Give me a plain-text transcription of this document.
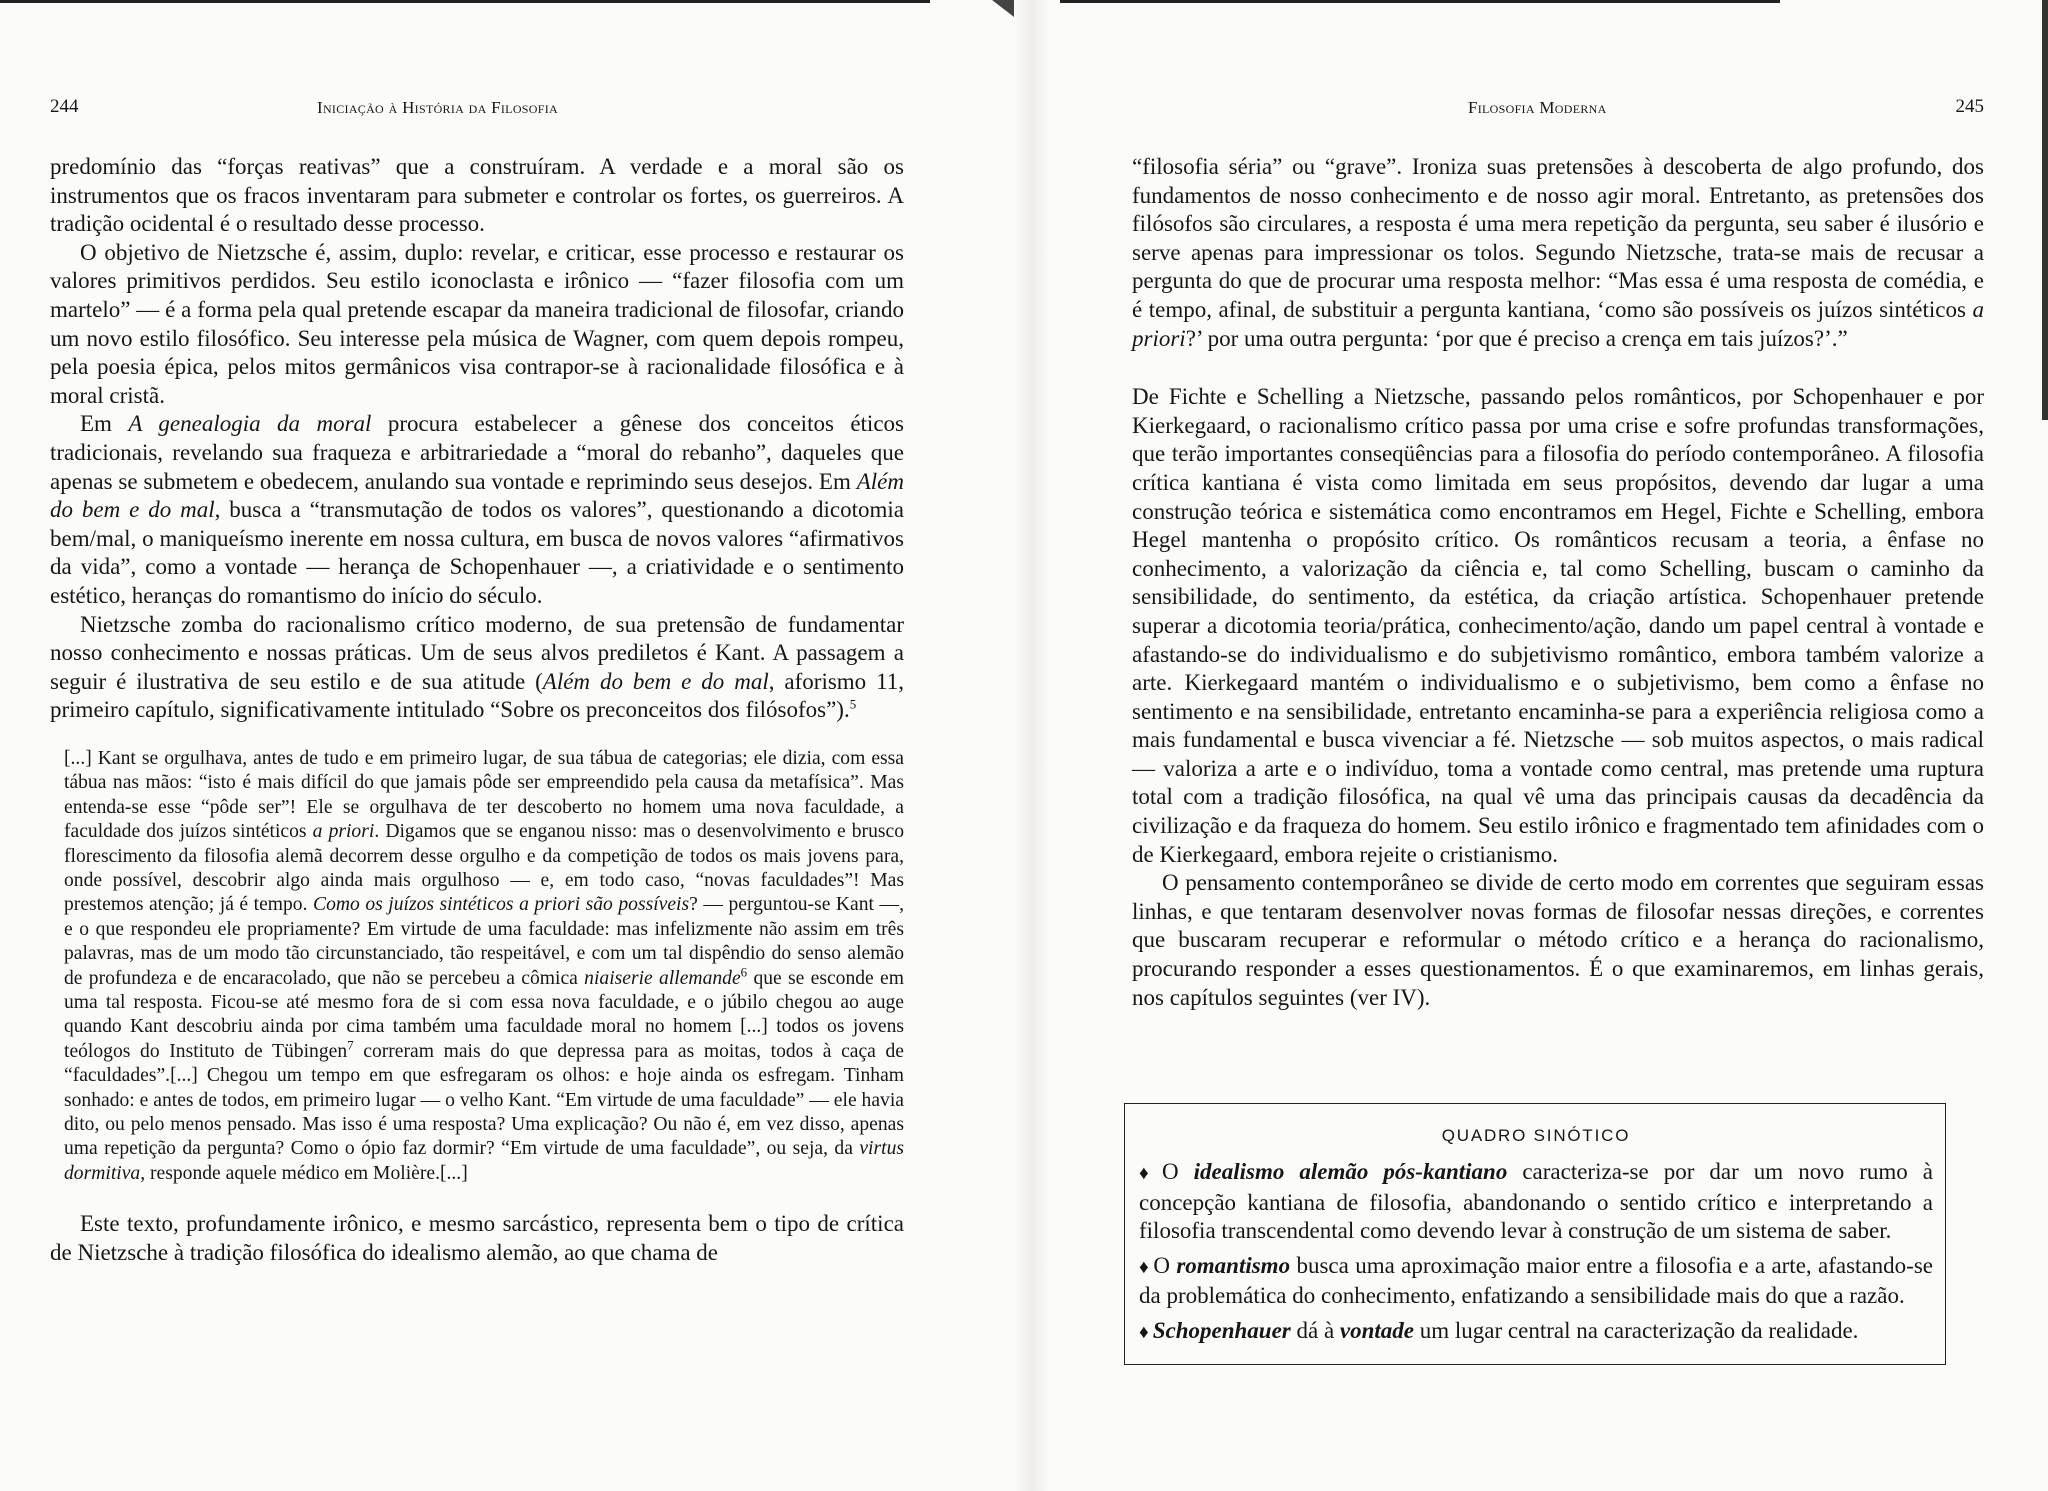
244	Iniciação à História da Filosofia

predomínio das “forças reativas” que a construíram. A verdade e a moral são os instrumentos que os fracos inventaram para submeter e controlar os fortes, os guerreiros. A tradição ocidental é o resultado desse processo.

O objetivo de Nietzsche é, assim, duplo: revelar, e criticar, esse processo e restaurar os valores primitivos perdidos. Seu estilo iconoclasta e irônico — “fazer filosofia com um martelo” — é a forma pela qual pretende escapar da maneira tradicional de filosofar, criando um novo estilo filosófico. Seu interesse pela música de Wagner, com quem depois rompeu, pela poesia épica, pelos mitos germânicos visa contrapor-se à racionalidade filosófica e à moral cristã.

Em A genealogia da moral procura estabelecer a gênese dos conceitos éticos tradicionais, revelando sua fraqueza e arbitrariedade a “moral do rebanho”, daqueles que apenas se submetem e obedecem, anulando sua vontade e reprimindo seus desejos. Em Além do bem e do mal, busca a “transmutação de todos os valores”, questionando a dicotomia bem/mal, o maniqueísmo inerente em nossa cultura, em busca de novos valores “afirmativos da vida”, como a vontade — herança de Schopenhauer —, a criatividade e o sentimento estético, heranças do romantismo do início do século.

Nietzsche zomba do racionalismo crítico moderno, de sua pretensão de fundamentar nosso conhecimento e nossas práticas. Um de seus alvos prediletos é Kant. A passagem a seguir é ilustrativa de seu estilo e de sua atitude (Além do bem e do mal, aforismo 11, primeiro capítulo, significativamente intitulado “Sobre os preconceitos dos filósofos”).$^5$

[...] Kant se orgulhava, antes de tudo e em primeiro lugar, de sua tábua de categorias; ele dizia, com essa tábua nas mãos: “isto é mais difícil do que jamais pôde ser empreendido pela causa da metafísica”. Mas entenda-se esse “pôde ser”! Ele se orgulhava de ter descoberto no homem uma nova faculdade, a faculdade dos juízos sintéticos a priori. Digamos que se enganou nisso: mas o desenvolvimento e brusco florescimento da filosofia alemã decorrem desse orgulho e da competição de todos os mais jovens para, onde possível, descobrir algo ainda mais orgulhoso — e, em todo caso, “novas faculdades”! Mas prestemos atenção; já é tempo. Como os juízos sintéticos a priori são possíveis? — perguntou-se Kant —, e o que respondeu ele propriamente? Em virtude de uma faculdade: mas infelizmente não assim em três palavras, mas de um modo tão circunstanciado, tão respeitável, e com um tal dispêndio do senso alemão de profundeza e de encaracolado, que não se percebeu a cômica niaiserie allemande$^6$ que se esconde em uma tal resposta. Ficou-se até mesmo fora de si com essa nova faculdade, e o júbilo chegou ao auge quando Kant descobriu ainda por cima também uma faculdade moral no homem [...] todos os jovens teólogos do Instituto de Tübingen$^7$ correram mais do que depressa para as moitas, todos à caça de “faculdades”.[...] Chegou um tempo em que esfregaram os olhos: e hoje ainda os esfregam. Tinham sonhado: e antes de todos, em primeiro lugar — o velho Kant. “Em virtude de uma faculdade” — ele havia dito, ou pelo menos pensado. Mas isso é uma resposta? Uma explicação? Ou não é, em vez disso, apenas uma repetição da pergunta? Como o ópio faz dormir? “Em virtude de uma faculdade”, ou seja, da virtus dormitiva, responde aquele médico em Molière.[...]

Este texto, profundamente irônico, e mesmo sarcástico, representa bem o tipo de crítica de Nietzsche à tradição filosófica do idealismo alemão, ao que chama de

Filosofia Moderna	245

“filosofia séria” ou “grave”. Ironiza suas pretensões à descoberta de algo profundo, dos fundamentos de nosso conhecimento e de nosso agir moral. Entretanto, as pretensões dos filósofos são circulares, a resposta é uma mera repetição da pergunta, seu saber é ilusório e serve apenas para impressionar os tolos. Segundo Nietzsche, trata-se mais de recusar a pergunta do que de procurar uma resposta melhor: “Mas essa é uma resposta de comédia, e é tempo, afinal, de substituir a pergunta kantiana, ‘como são possíveis os juízos sintéticos a priori?’ por uma outra pergunta: ‘por que é preciso a crença em tais juízos?’.”

De Fichte e Schelling a Nietzsche, passando pelos românticos, por Schopenhauer e por Kierkegaard, o racionalismo crítico passa por uma crise e sofre profundas transformações, que terão importantes conseqüências para a filosofia do período contemporâneo. A filosofia crítica kantiana é vista como limitada em seus propósitos, devendo dar lugar a uma construção teórica e sistemática como encontramos em Hegel, Fichte e Schelling, embora Hegel mantenha o propósito crítico. Os românticos recusam a teoria, a ênfase no conhecimento, a valorização da ciência e, tal como Schelling, buscam o caminho da sensibilidade, do sentimento, da estética, da criação artística. Schopenhauer pretende superar a dicotomia teoria/prática, conhecimento/ação, dando um papel central à vontade e afastando-se do individualismo e do subjetivismo romântico, embora também valorize a arte. Kierkegaard mantém o individualismo e o subjetivismo, bem como a ênfase no sentimento e na sensibilidade, entretanto encaminha-se para a experiência religiosa como a mais fundamental e busca vivenciar a fé. Nietzsche — sob muitos aspectos, o mais radical — valoriza a arte e o indivíduo, toma a vontade como central, mas pretende uma ruptura total com a tradição filosófica, na qual vê uma das principais causas da decadência da civilização e da fraqueza do homem. Seu estilo irônico e fragmentado tem afinidades com o de Kierkegaard, embora rejeite o cristianismo.

O pensamento contemporâneo se divide de certo modo em correntes que seguiram essas linhas, e que tentaram desenvolver novas formas de filosofar nessas direções, e correntes que buscaram recuperar e reformular o método crítico e a herança do racionalismo, procurando responder a esses questionamentos. É o que examinaremos, em linhas gerais, nos capítulos seguintes (ver IV).

QUADRO SINÓTICO

♦ O idealismo alemão pós-kantiano caracteriza-se por dar um novo rumo à concepção kantiana de filosofia, abandonando o sentido crítico e interpretando a filosofia transcendental como devendo levar à construção de um sistema de saber.

♦ O romantismo busca uma aproximação maior entre a filosofia e a arte, afastando-se da problemática do conhecimento, enfatizando a sensibilidade mais do que a razão.

♦ Schopenhauer dá à vontade um lugar central na caracterização da realidade.
